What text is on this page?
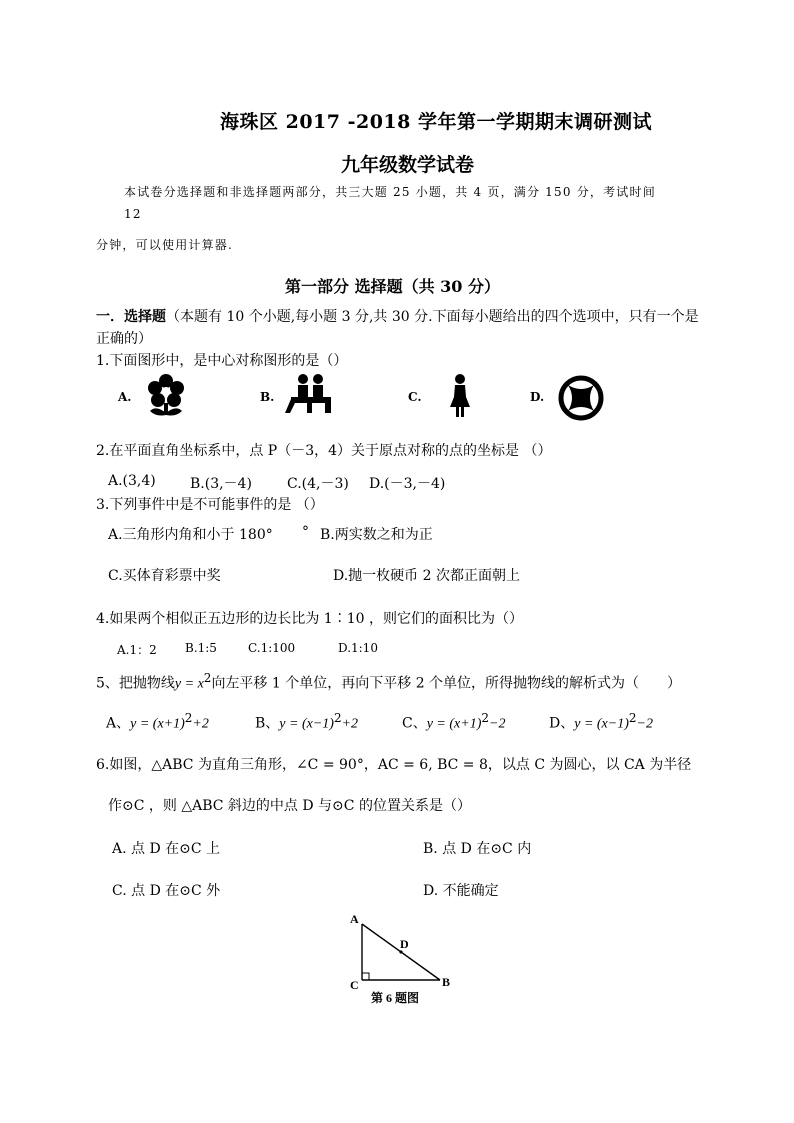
海珠区 2017 -2018 学年第一学期期末调研测试
九年级数学试卷
本试卷分选择题和非选择题两部分，共三大题 25 小题，共 4 页，满分 150 分，考试时间
12
分钟，可以使用计算器.
第一部分 选择题（共 30 分）
一．选择题（本题有 10 个小题,每小题 3 分,共 30 分.下面每小题给出的四个选项中，只有一个是
正确的）
1.下面图形中，是中心对称图形的是（）
A.	B.	C.	D.
2.在平面直角坐标系中，点 P（－3，4）关于原点对称的点的坐标是 （）
A.(3,4) B.(3,－4)	C.(4,－3) D.(－3,－4)
3.下列事件中是不可能事件的是 （）
A.三角形内角和小于 180° ° B.两实数之和为正
C.买体育彩票中奖	D.抛一枚硬币 2 次都正面朝上
4.如果两个相似正五边形的边长比为 1∶10 ，则它们的面积比为（）
A.1：2 B.1:5	C.1:100	D.1:10
5、把抛物线$y = x^2$向左平移 1 个单位，再向下平移 2 个单位，所得抛物线的解析式为（　　）
A、$y = (x+1)^2+2$	B、$y = (x-1)^2+2$	C、$y = (x+1)^2-2$	D、$y = (x-1)^2-2$
6.如图，△ABC 为直角三角形，∠C = 90°，AC = 6, BC = 8，以点 C 为圆心，以 CA 为半径
作⊙C ，则 △ABC 斜边的中点 D 与⊙C 的位置关系是（）
A. 点 D 在⊙C 上	B. 点 D 在⊙C 内
C. 点 D 在⊙C 外	D. 不能确定
A
D
C	B
第 6 题图
